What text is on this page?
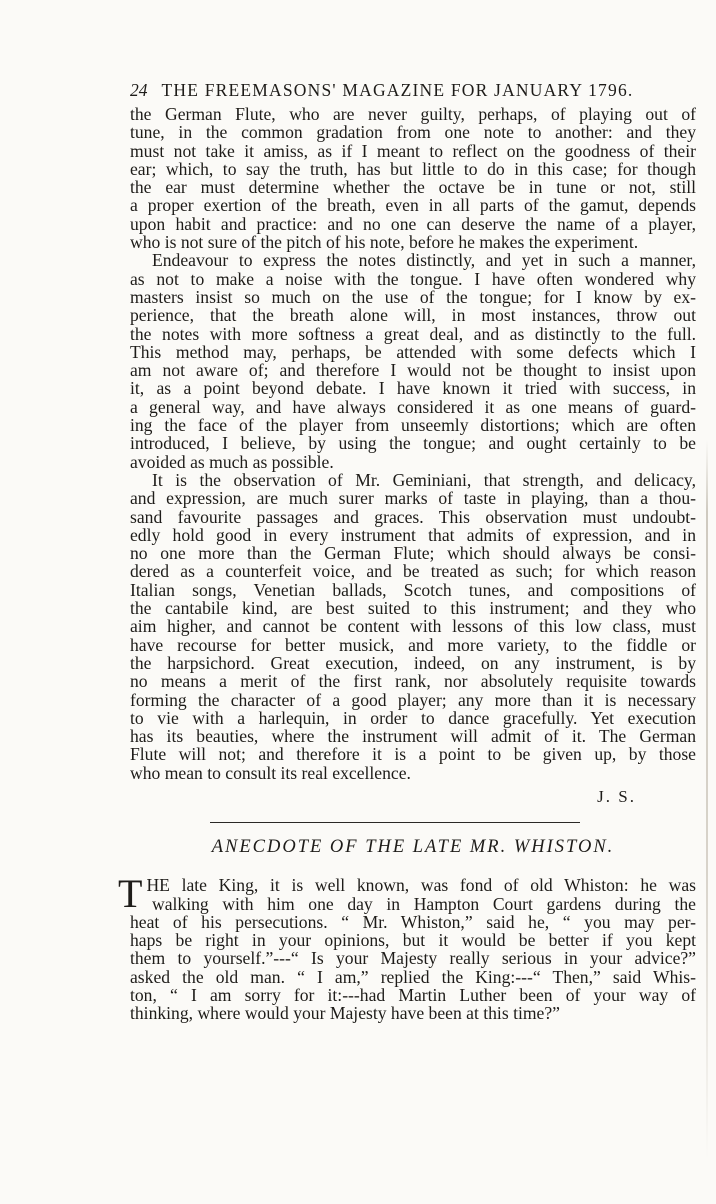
24 THE FREEMASONS' MAGAZINE FOR JANUARY 1796.

the German Flute, who are never guilty, perhaps, of playing out of
tune, in the common gradation from one note to another: and they
must not take it amiss, as if I meant to reflect on the goodness of their
ear; which, to say the truth, has but little to do in this case; for though
the ear must determine whether the octave be in tune or not, still
a proper exertion of the breath, even in all parts of the gamut, depends
upon habit and practice: and no one can deserve the name of a player,
who is not sure of the pitch of his note, before he makes the experiment.

Endeavour to express the notes distinctly, and yet in such a manner,
as not to make a noise with the tongue. I have often wondered why
masters insist so much on the use of the tongue; for I know by ex-
perience, that the breath alone will, in most instances, throw out
the notes with more softness a great deal, and as distinctly to the full.
This method may, perhaps, be attended with some defects which I
am not aware of; and therefore I would not be thought to insist upon
it, as a point beyond debate. I have known it tried with success, in
a general way, and have always considered it as one means of guard-
ing the face of the player from unseemly distortions; which are often
introduced, I believe, by using the tongue; and ought certainly to be
avoided as much as possible.

It is the observation of Mr. Geminiani, that strength, and delicacy,
and expression, are much surer marks of taste in playing, than a thou-
sand favourite passages and graces. This observation must undoubt-
edly hold good in every instrument that admits of expression, and in
no one more than the German Flute; which should always be consi-
dered as a counterfeit voice, and be treated as such; for which reason
Italian songs, Venetian ballads, Scotch tunes, and compositions of
the cantabile kind, are best suited to this instrument; and they who
aim higher, and cannot be content with lessons of this low class, must
have recourse for better musick, and more variety, to the fiddle or
the harpsichord. Great execution, indeed, on any instrument, is by
no means a merit of the first rank, nor absolutely requisite towards
forming the character of a good player; any more than it is necessary
to vie with a harlequin, in order to dance gracefully. Yet execution
has its beauties, where the instrument will admit of it. The German
Flute will not; and therefore it is a point to be given up, by those
who mean to consult its real excellence.

J. S.
ANECDOTE OF THE LATE MR. WHISTON.
T HE late King, it is well known, was fond of old Whiston: he was
walking with him one day in Hampton Court gardens during the
heat of his persecutions. “ Mr. Whiston,” said he, “ you may per-
haps be right in your opinions, but it would be better if you kept
them to yourself.”---“ Is your Majesty really serious in your advice?”
asked the old man. “ I am,” replied the King:---“ Then,” said Whis-
ton, “ I am sorry for it:---had Martin Luther been of your way of
thinking, where would your Majesty have been at this time?”
